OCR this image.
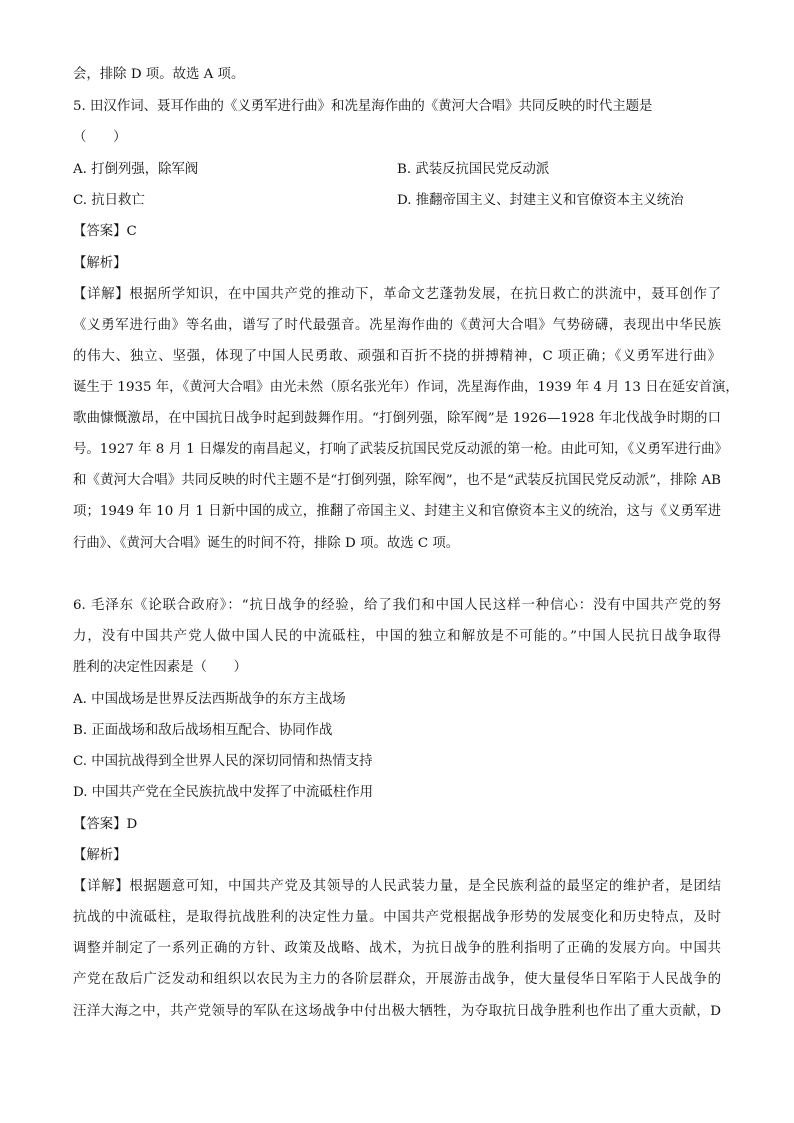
会，排除 D 项。故选 A 项。
5. 田汉作词、聂耳作曲的《义勇军进行曲》和冼星海作曲的《黄河大合唱》共同反映的时代主题是
（　　）
A. 打倒列强，除军阀	B. 武装反抗国民党反动派
C. 抗日救亡	D. 推翻帝国主义、封建主义和官僚资本主义统治
【答案】C
【解析】
【详解】根据所学知识，在中国共产党的推动下，革命文艺蓬勃发展，在抗日救亡的洪流中，聂耳创作了
《义勇军进行曲》等名曲，谱写了时代最强音。冼星海作曲的《黄河大合唱》气势磅礴，表现出中华民族
的伟大、独立、坚强，体现了中国人民勇敢、顽强和百折不挠的拼搏精神，C 项正确；《义勇军进行曲》
诞生于 1935 年，《黄河大合唱》由光未然（原名张光年）作词，冼星海作曲，1939 年 4 月 13 日在延安首演，
歌曲慷慨激昂，在中国抗日战争时起到鼓舞作用。“打倒列强，除军阀”是 1926—1928 年北伐战争时期的口
号。1927 年 8 月 1 日爆发的南昌起义，打响了武装反抗国民党反动派的第一枪。由此可知，《义勇军进行曲》
和《黄河大合唱》共同反映的时代主题不是“打倒列强，除军阀”，也不是“武装反抗国民党反动派”，排除 AB
项；1949 年 10 月 1 日新中国的成立，推翻了帝国主义、封建主义和官僚资本主义的统治，这与《义勇军进
行曲》、《黄河大合唱》诞生的时间不符，排除 D 项。故选 C 项。
6. 毛泽东《论联合政府》：“抗日战争的经验，给了我们和中国人民这样一种信心：没有中国共产党的努
力，没有中国共产党人做中国人民的中流砥柱，中国的独立和解放是不可能的。”中国人民抗日战争取得
胜利的决定性因素是（　　）
A. 中国战场是世界反法西斯战争的东方主战场
B. 正面战场和敌后战场相互配合、协同作战
C. 中国抗战得到全世界人民的深切同情和热情支持
D. 中国共产党在全民族抗战中发挥了中流砥柱作用
【答案】D
【解析】
【详解】根据题意可知，中国共产党及其领导的人民武装力量，是全民族利益的最坚定的维护者，是团结
抗战的中流砥柱，是取得抗战胜利的决定性力量。中国共产党根据战争形势的发展变化和历史特点，及时
调整并制定了一系列正确的方针、政策及战略、战术，为抗日战争的胜利指明了正确的发展方向。中国共
产党在敌后广泛发动和组织以农民为主力的各阶层群众，开展游击战争，使大量侵华日军陷于人民战争的
汪洋大海之中，共产党领导的军队在这场战争中付出极大牺牲，为夺取抗日战争胜利也作出了重大贡献，D
